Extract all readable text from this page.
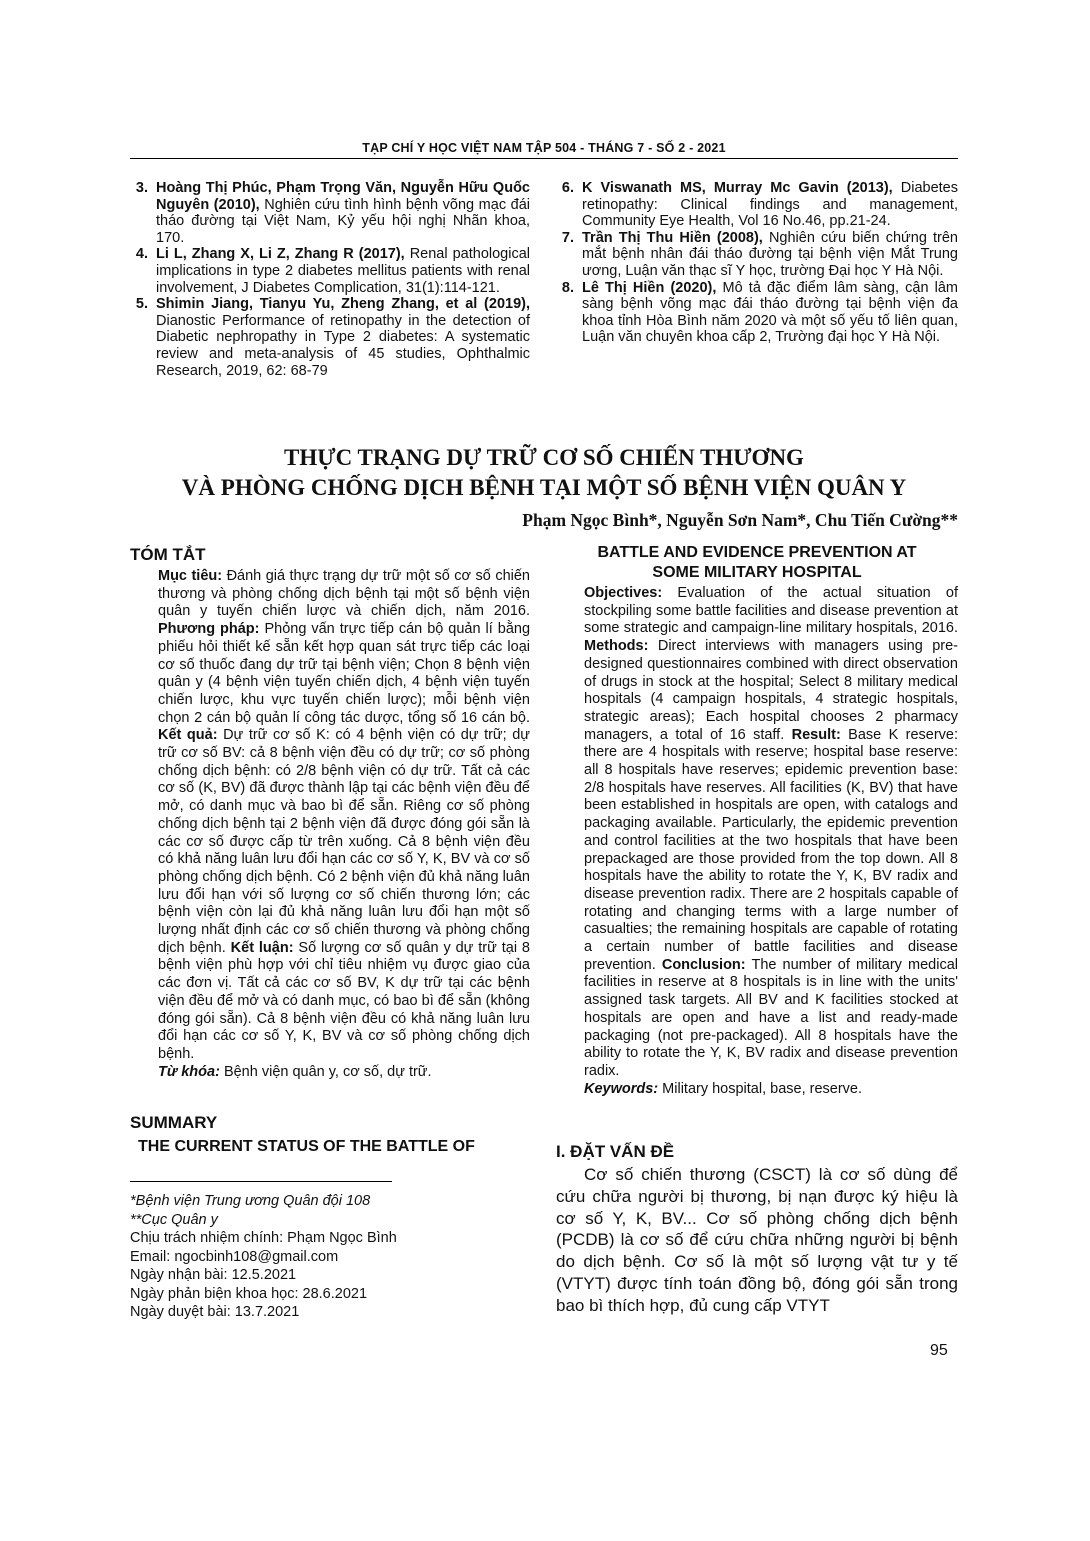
TẠP CHÍ Y HỌC VIỆT NAM TẬP 504 - THÁNG 7 - SỐ 2 - 2021
3. Hoàng Thị Phúc, Phạm Trọng Văn, Nguyễn Hữu Quốc Nguyên (2010), Nghiên cứu tình hình bệnh võng mạc đái tháo đường tại Việt Nam, Kỷ yếu hội nghị Nhãn khoa, 170.
4. Li L, Zhang X, Li Z, Zhang R (2017), Renal pathological implications in type 2 diabetes mellitus patients with renal involvement, J Diabetes Complication, 31(1):114-121.
5. Shimin Jiang, Tianyu Yu, Zheng Zhang, et al (2019), Dianostic Performance of retinopathy in the detection of Diabetic nephropathy in Type 2 diabetes: A systematic review and meta-analysis of 45 studies, Ophthalmic Research, 2019, 62: 68-79
6. K Viswanath MS, Murray Mc Gavin (2013), Diabetes retinopathy: Clinical findings and management, Community Eye Health, Vol 16 No.46, pp.21-24.
7. Trần Thị Thu Hiền (2008), Nghiên cứu biến chứng trên mắt bệnh nhân đái tháo đường tại bệnh viện Mắt Trung ương, Luận văn thạc sĩ Y học, trường Đại học Y Hà Nội.
8. Lê Thị Hiền (2020), Mô tả đặc điểm lâm sàng, cận lâm sàng bệnh võng mạc đái tháo đường tại bệnh viện đa khoa tỉnh Hòa Bình năm 2020 và một số yếu tố liên quan, Luận văn chuyên khoa cấp 2, Trường đại học Y Hà Nội.
THỰC TRẠNG DỰ TRỮ CƠ SỐ CHIẾN THƯƠNG
VÀ PHÒNG CHỐNG DỊCH BỆNH TẠI MỘT SỐ BỆNH VIỆN QUÂN Y
Phạm Ngọc Bình*, Nguyễn Sơn Nam*, Chu Tiến Cường**
TÓM TẮT
Mục tiêu: Đánh giá thực trạng dự trữ một số cơ số chiến thương và phòng chống dịch bệnh tại một số bệnh viện quân y tuyến chiến lược và chiến dịch, năm 2016. Phương pháp: Phỏng vấn trực tiếp cán bộ quản lí bằng phiếu hỏi thiết kế sẵn kết hợp quan sát trực tiếp các loại cơ số thuốc đang dự trữ tại bệnh viện; Chọn 8 bệnh viện quân y (4 bệnh viện tuyến chiến dịch, 4 bệnh viện tuyến chiến lược, khu vực tuyến chiến lược); mỗi bệnh viện chọn 2 cán bộ quản lí công tác dược, tổng số 16 cán bộ. Kết quả: Dự trữ cơ số K: có 4 bệnh viện có dự trữ; dự trữ cơ số BV: cả 8 bệnh viện đều có dự trữ; cơ số phòng chống dịch bệnh: có 2/8 bệnh viện có dự trữ. Tất cả các cơ số (K, BV) đã được thành lập tại các bệnh viện đều để mở, có danh mục và bao bì để sẵn. Riêng cơ số phòng chống dịch bệnh tại 2 bệnh viện đã được đóng gói sẵn là các cơ số được cấp từ trên xuống. Cả 8 bệnh viện đều có khả năng luân lưu đổi hạn các cơ số Y, K, BV và cơ số phòng chống dịch bệnh. Có 2 bệnh viện đủ khả năng luân lưu đổi hạn với số lượng cơ số chiến thương lớn; các bệnh viện còn lại đủ khả năng luân lưu đổi hạn một số lượng nhất định các cơ số chiến thương và phòng chống dịch bệnh. Kết luận: Số lượng cơ số quân y dự trữ tại 8 bệnh viện phù hợp với chỉ tiêu nhiệm vụ được giao của các đơn vị. Tất cả các cơ số BV, K dự trữ tại các bệnh viện đều để mở và có danh mục, có bao bì để sẵn (không đóng gói sẵn). Cả 8 bệnh viện đều có khả năng luân lưu đổi hạn các cơ số Y, K, BV và cơ số phòng chống dịch bệnh.
Từ khóa: Bệnh viện quân y, cơ số, dự trữ.
SUMMARY
THE CURRENT STATUS OF THE BATTLE OF
BATTLE AND EVIDENCE PREVENTION AT
SOME MILITARY HOSPITAL
Objectives: Evaluation of the actual situation of stockpiling some battle facilities and disease prevention at some strategic and campaign-line military hospitals, 2016. Methods: Direct interviews with managers using pre-designed questionnaires combined with direct observation of drugs in stock at the hospital; Select 8 military medical hospitals (4 campaign hospitals, 4 strategic hospitals, strategic areas); Each hospital chooses 2 pharmacy managers, a total of 16 staff. Result: Base K reserve: there are 4 hospitals with reserve; hospital base reserve: all 8 hospitals have reserves; epidemic prevention base: 2/8 hospitals have reserves. All facilities (K, BV) that have been established in hospitals are open, with catalogs and packaging available. Particularly, the epidemic prevention and control facilities at the two hospitals that have been prepackaged are those provided from the top down. All 8 hospitals have the ability to rotate the Y, K, BV radix and disease prevention radix. There are 2 hospitals capable of rotating and changing terms with a large number of casualties; the remaining hospitals are capable of rotating a certain number of battle facilities and disease prevention. Conclusion: The number of military medical facilities in reserve at 8 hospitals is in line with the units' assigned task targets. All BV and K facilities stocked at hospitals are open and have a list and ready-made packaging (not pre-packaged). All 8 hospitals have the ability to rotate the Y, K, BV radix and disease prevention radix.
Keywords: Military hospital, base, reserve.
I. ĐẶT VẤN ĐỀ
Cơ số chiến thương (CSCT) là cơ số dùng để cứu chữa người bị thương, bị nạn được ký hiệu là cơ số Y, K, BV... Cơ số phòng chống dịch bệnh (PCDB) là cơ số để cứu chữa những người bị bệnh do dịch bệnh. Cơ số là một số lượng vật tư y tế (VTYT) được tính toán đồng bộ, đóng gói sẵn trong bao bì thích hợp, đủ cung cấp VTYT
*Bệnh viện Trung ương Quân đội 108
**Cục Quân y
Chịu trách nhiệm chính: Phạm Ngọc Bình
Email: ngocbinh108@gmail.com
Ngày nhận bài: 12.5.2021
Ngày phản biện khoa học: 28.6.2021
Ngày duyệt bài: 13.7.2021
95
